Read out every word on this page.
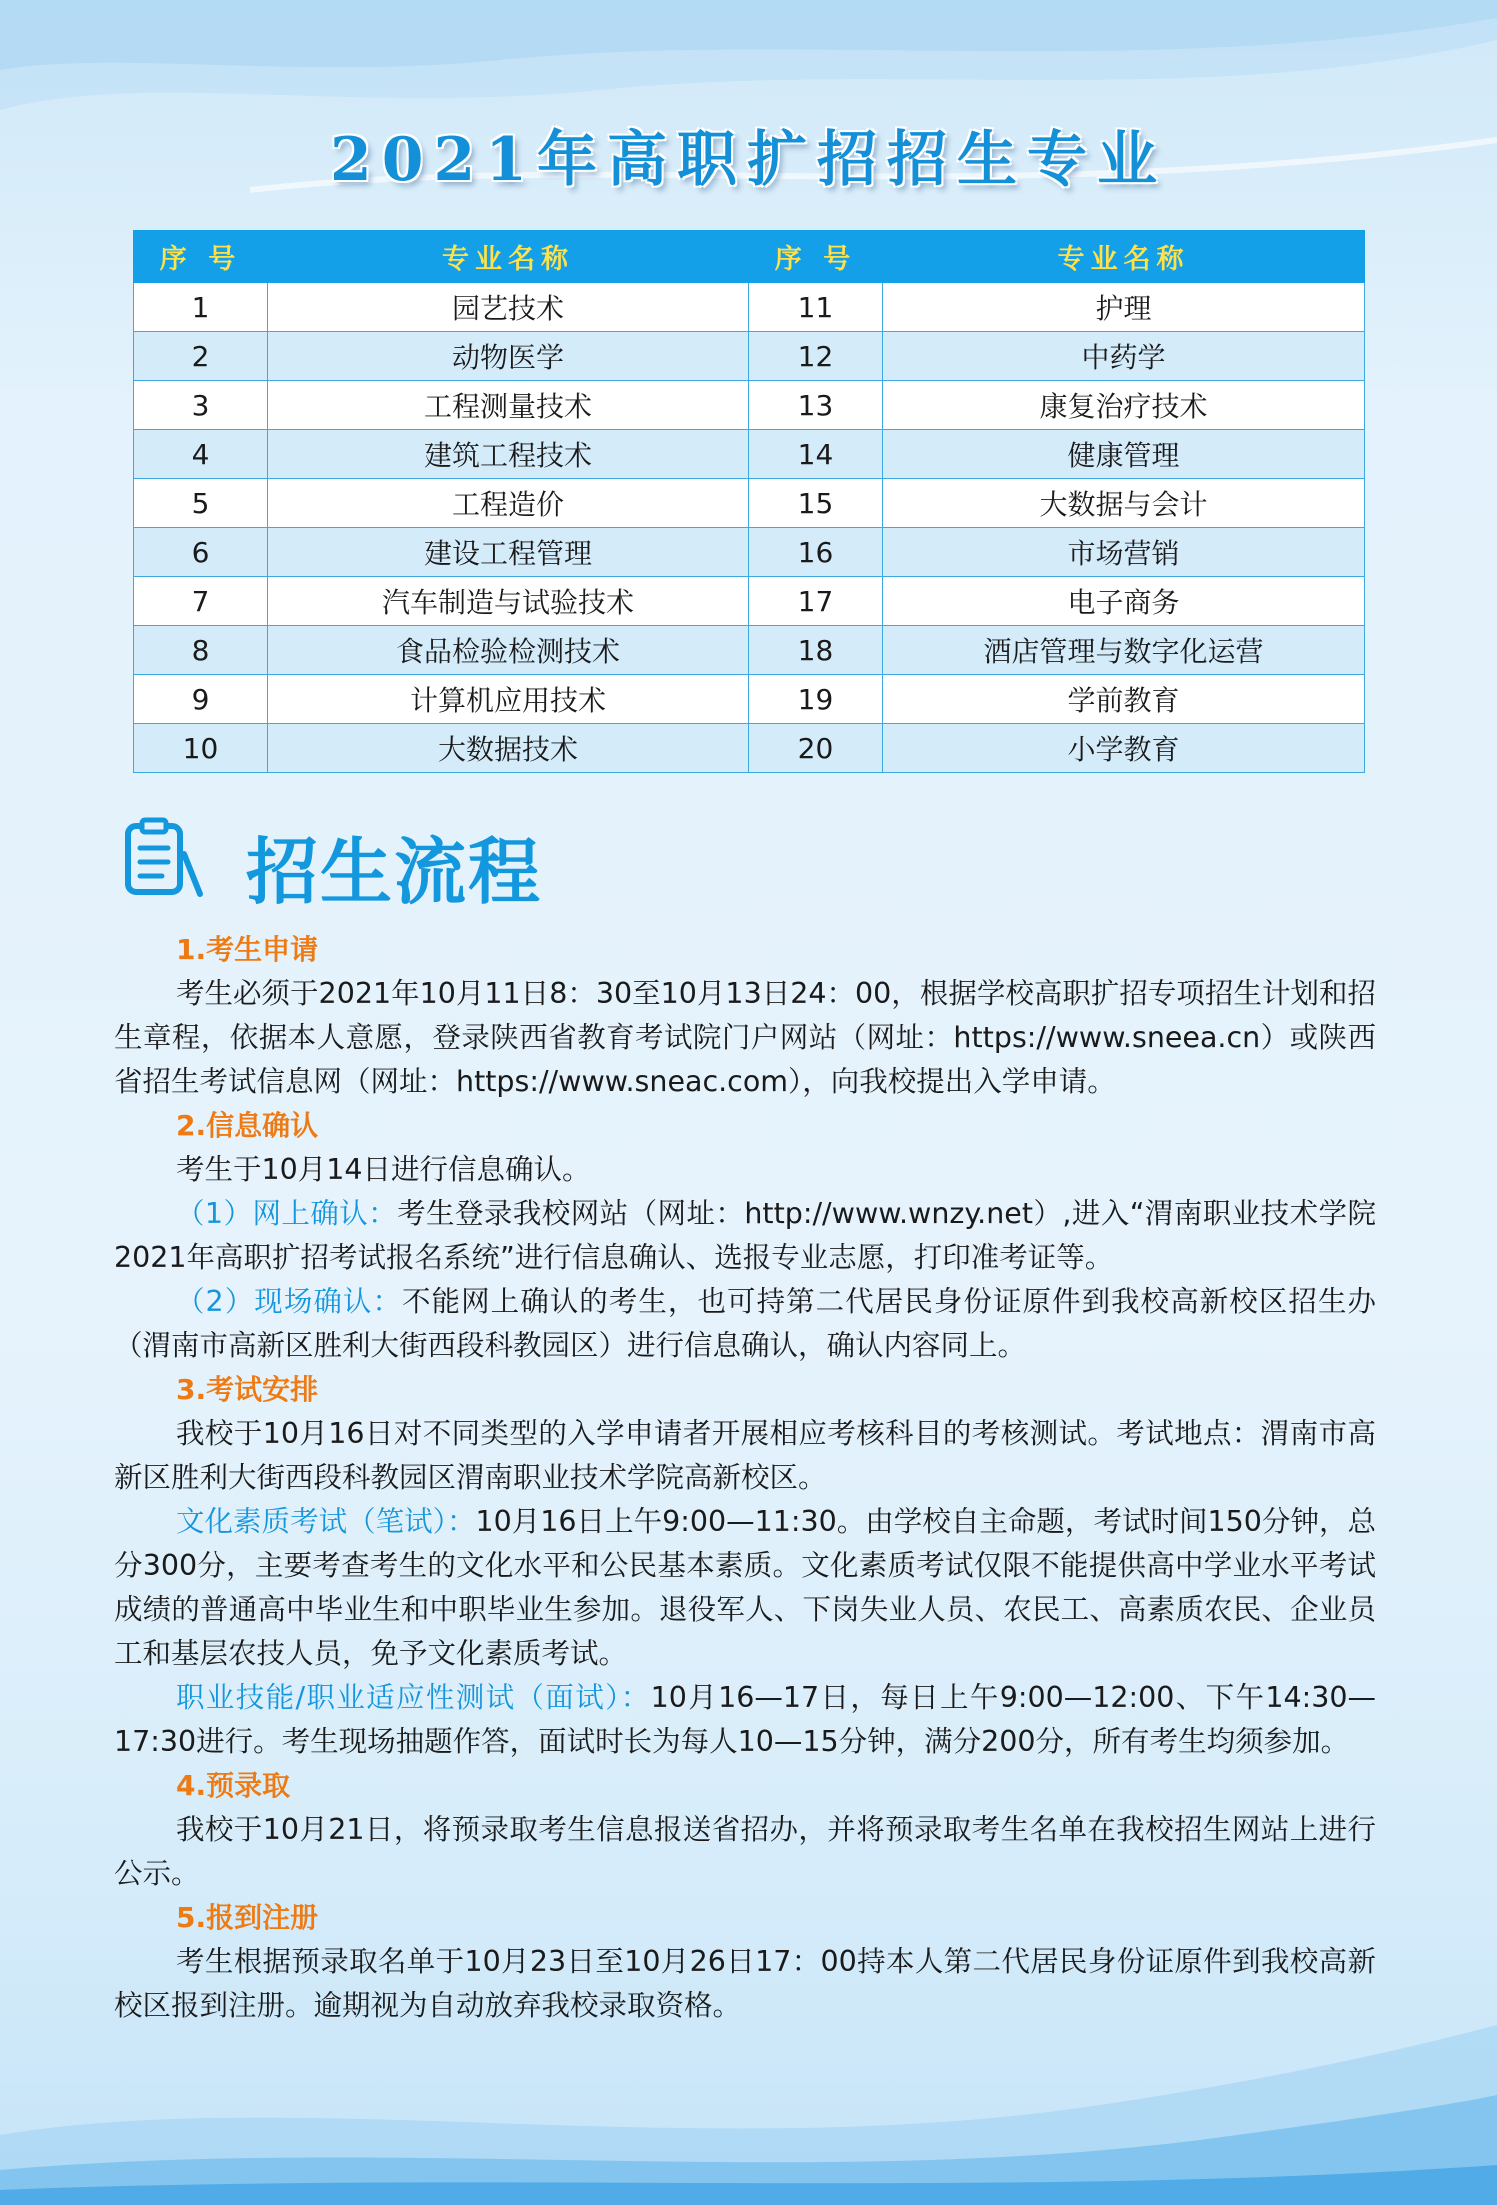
2021年高职扩招招生专业
序 号	专业名称	序 号	专业名称
1	园艺技术	11	护理
2	动物医学	12	中药学
3	工程测量技术	13	康复治疗技术
4	建筑工程技术	14	健康管理
5	工程造价	15	大数据与会计
6	建设工程管理	16	市场营销
7	汽车制造与试验技术	17	电子商务
8	食品检验检测技术	18	酒店管理与数字化运营
9	计算机应用技术	19	学前教育
10	大数据技术	20	小学教育
招生流程

1.考生申请

考生必须于2021年10月11日8：30至10月13日24：00，根据学校高职扩招专项招生计划和招生章程，依据本人意愿，登录陕西省教育考试院门户网站（网址：https://www.sneea.cn）或陕西省招生考试信息网（网址：https://www.sneac.com），向我校提出入学申请。

2.信息确认

考生于10月14日进行信息确认。

（1）网上确认：考生登录我校网站（网址：http://www.wnzy.net）,进入“渭南职业技术学院2021年高职扩招考试报名系统”进行信息确认、选报专业志愿，打印准考证等。

（2）现场确认：不能网上确认的考生，也可持第二代居民身份证原件到我校高新校区招生办（渭南市高新区胜利大街西段科教园区）进行信息确认，确认内容同上。

3.考试安排

我校于10月16日对不同类型的入学申请者开展相应考核科目的考核测试。考试地点：渭南市高新区胜利大街西段科教园区渭南职业技术学院高新校区。

文化素质考试（笔试）：10月16日上午9:00—11:30。由学校自主命题，考试时间150分钟，总分300分，主要考查考生的文化水平和公民基本素质。文化素质考试仅限不能提供高中学业水平考试成绩的普通高中毕业生和中职毕业生参加。退役军人、下岗失业人员、农民工、高素质农民、企业员工和基层农技人员，免予文化素质考试。

职业技能/职业适应性测试（面试）：10月16—17日，每日上午9:00—12:00、下午14:30—17:30进行。考生现场抽题作答，面试时长为每人10—15分钟，满分200分，所有考生均须参加。

4.预录取

我校于10月21日，将预录取考生信息报送省招办，并将预录取考生名单在我校招生网站上进行公示。

5.报到注册

考生根据预录取名单于10月23日至10月26日17：00持本人第二代居民身份证原件到我校高新校区报到注册。逾期视为自动放弃我校录取资格。
